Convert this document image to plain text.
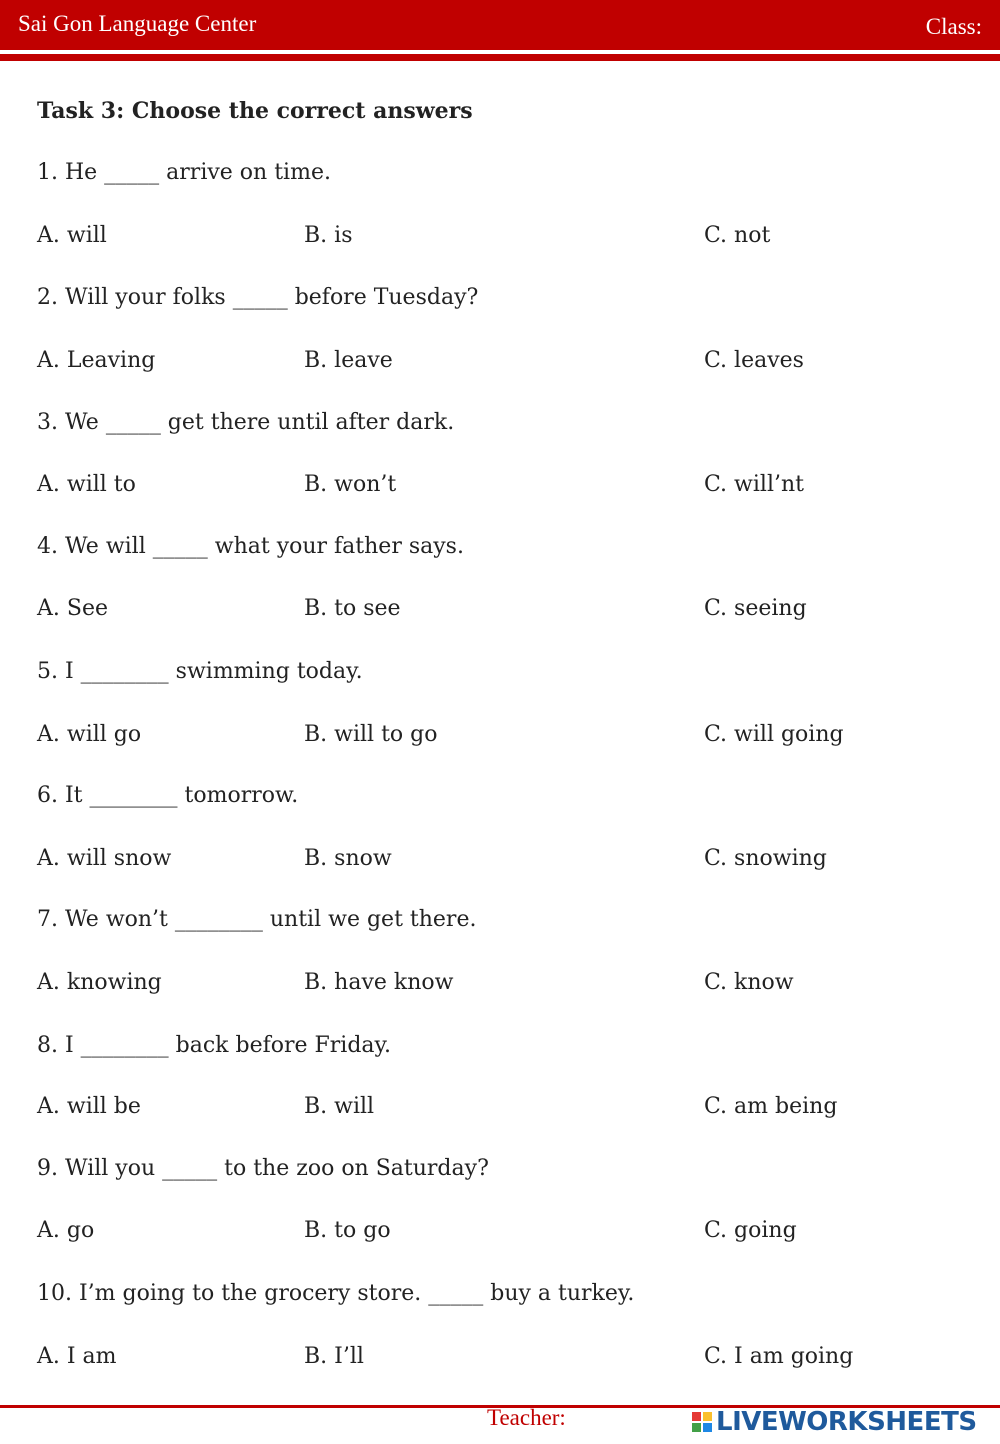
Sai Gon Language Center	Class:
Task 3: Choose the correct answers
1. He _____ arrive on time.
A. will	B. is	C. not
2. Will your folks _____ before Tuesday?
A. Leaving	B. leave	C. leaves
3. We _____ get there until after dark.
A. will to	B. won’t	C. will’nt
4. We will _____ what your father says.
A. See	B. to see	C. seeing
5. I ________ swimming today.
A. will go	B. will to go	C. will going
6. It ________ tomorrow.
A. will snow	B. snow	C. snowing
7. We won’t ________ until we get there.
A. knowing	B. have know	C. know
8. I ________ back before Friday.
A. will be	B. will	C. am being
9. Will you _____ to the zoo on Saturday?
A. go	B. to go	C. going
10. I’m going to the grocery store. _____ buy a turkey.
A. I am	B. I’ll	C. I am going
Teacher:	LIVEWORKSHEETS
